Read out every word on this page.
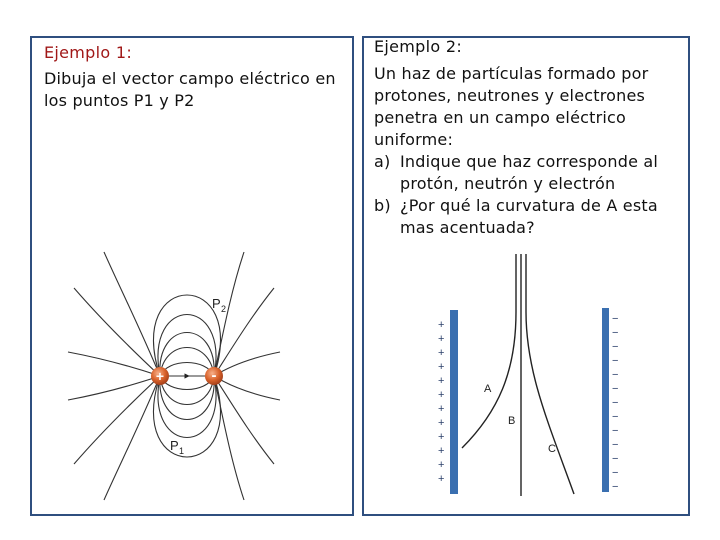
Ejemplo 1:
Dibuja el vector campo eléctrico en los puntos P1 y P2
+	-
P 2
P 1
Ejemplo 2:
Un haz de partículas formado por protones, neutrones y electrones penetra en un campo eléctrico uniforme:
a) Indique que haz corresponde al protón, neutrón y electrón
b) ¿Por qué la curvatura de A esta mas acentuada?
+
+
+
+
+
+
+
+
+
+
+
+
−
−
−
−
−
−
−
−
−
−
−
−
−
A
B
C
